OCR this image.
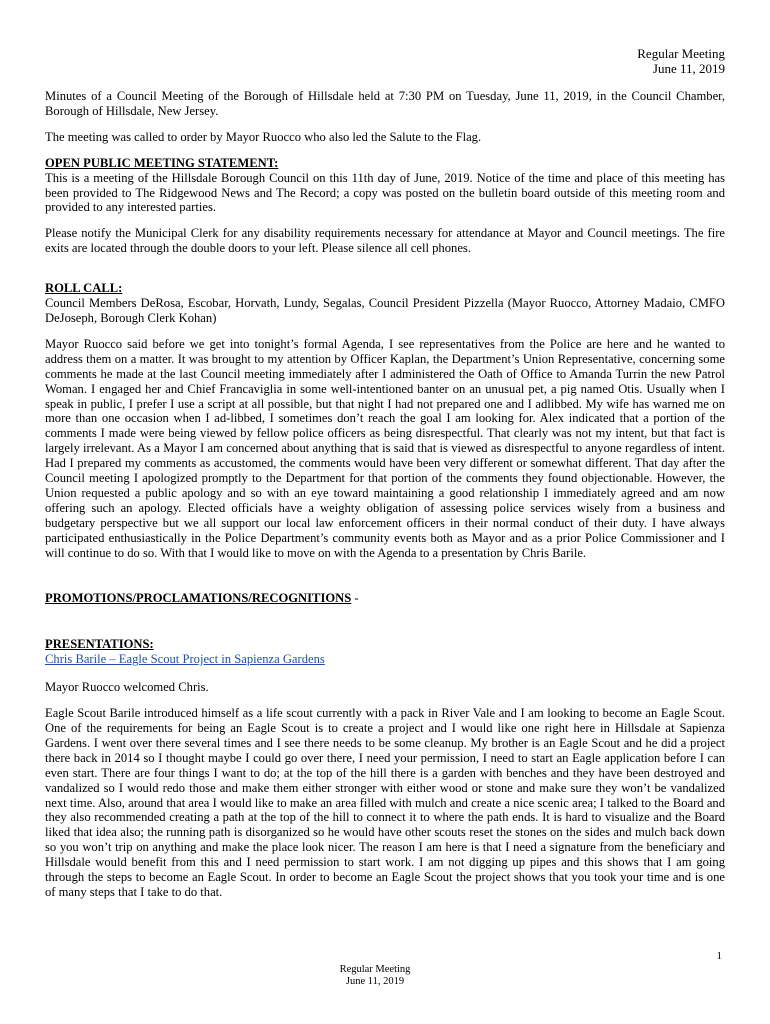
Regular Meeting
June 11, 2019

Minutes of a Council Meeting of the Borough of Hillsdale held at 7:30 PM on Tuesday, June 11, 2019, in the Council Chamber, Borough of Hillsdale, New Jersey.

The meeting was called to order by Mayor Ruocco who also led the Salute to the Flag.

OPEN PUBLIC MEETING STATEMENT:

This is a meeting of the Hillsdale Borough Council on this 11th day of June, 2019. Notice of the time and place of this meeting has been provided to The Ridgewood News and The Record; a copy was posted on the bulletin board outside of this meeting room and provided to any interested parties.

Please notify the Municipal Clerk for any disability requirements necessary for attendance at Mayor and Council meetings. The fire exits are located through the double doors to your left. Please silence all cell phones.

ROLL CALL:

Council Members DeRosa, Escobar, Horvath, Lundy, Segalas, Council President Pizzella (Mayor Ruocco, Attorney Madaio, CMFO DeJoseph, Borough Clerk Kohan)

Mayor Ruocco said before we get into tonight’s formal Agenda, I see representatives from the Police are here and he wanted to address them on a matter. It was brought to my attention by Officer Kaplan, the Department’s Union Representative, concerning some comments he made at the last Council meeting immediately after I administered the Oath of Office to Amanda Turrin the new Patrol Woman. I engaged her and Chief Francaviglia in some well-intentioned banter on an unusual pet, a pig named Otis. Usually when I speak in public, I prefer I use a script at all possible, but that night I had not prepared one and I adlibbed. My wife has warned me on more than one occasion when I ad-libbed, I sometimes don’t reach the goal I am looking for. Alex indicated that a portion of the comments I made were being viewed by fellow police officers as being disrespectful. That clearly was not my intent, but that fact is largely irrelevant. As a Mayor I am concerned about anything that is said that is viewed as disrespectful to anyone regardless of intent. Had I prepared my comments as accustomed, the comments would have been very different or somewhat different. That day after the Council meeting I apologized promptly to the Department for that portion of the comments they found objectionable. However, the Union requested a public apology and so with an eye toward maintaining a good relationship I immediately agreed and am now offering such an apology. Elected officials have a weighty obligation of assessing police services wisely from a business and budgetary perspective but we all support our local law enforcement officers in their normal conduct of their duty. I have always participated enthusiastically in the Police Department’s community events both as Mayor and as a prior Police Commissioner and I will continue to do so. With that I would like to move on with the Agenda to a presentation by Chris Barile.

PROMOTIONS/PROCLAMATIONS/RECOGNITIONS -

PRESENTATIONS:

Chris Barile – Eagle Scout Project in Sapienza Gardens

Mayor Ruocco welcomed Chris.

Eagle Scout Barile introduced himself as a life scout currently with a pack in River Vale and I am looking to become an Eagle Scout. One of the requirements for being an Eagle Scout is to create a project and I would like one right here in Hillsdale at Sapienza Gardens. I went over there several times and I see there needs to be some cleanup. My brother is an Eagle Scout and he did a project there back in 2014 so I thought maybe I could go over there, I need your permission, I need to start an Eagle application before I can even start. There are four things I want to do; at the top of the hill there is a garden with benches and they have been destroyed and vandalized so I would redo those and make them either stronger with either wood or stone and make sure they won’t be vandalized next time. Also, around that area I would like to make an area filled with mulch and create a nice scenic area; I talked to the Board and they also recommended creating a path at the top of the hill to connect it to where the path ends. It is hard to visualize and the Board liked that idea also; the running path is disorganized so he would have other scouts reset the stones on the sides and mulch back down so you won’t trip on anything and make the place look nicer. The reason I am here is that I need a signature from the beneficiary and Hillsdale would benefit from this and I need permission to start work. I am not digging up pipes and this shows that I am going through the steps to become an Eagle Scout. In order to become an Eagle Scout the project shows that you took your time and is one of many steps that I take to do that.

1
Regular Meeting
June 11, 2019
